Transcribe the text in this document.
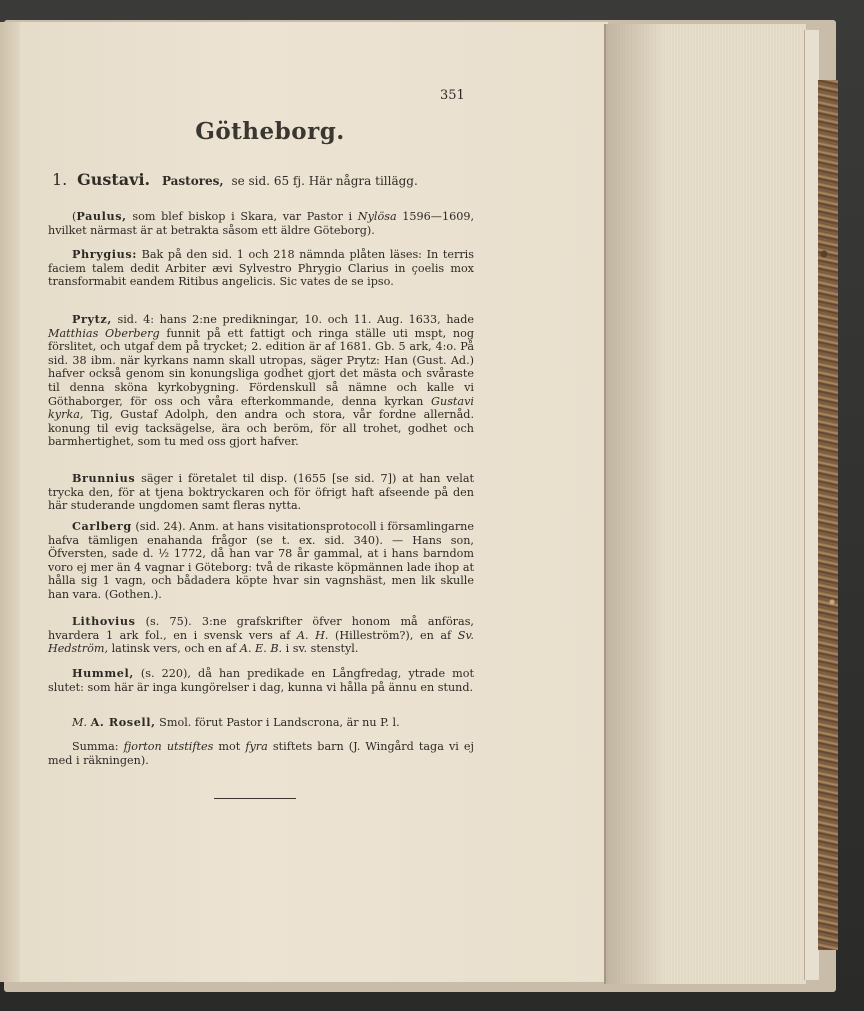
351
Götheborg.
1. Gustavi. Pastores, se sid. 65 fj. Här några tillägg.
(Paulus, som blef biskop i Skara, var Pastor i Nylösa 1596—1609, hvilket närmast är at betrakta såsom ett äldre Göteborg).
Phrygius: Bak på den sid. 1 och 218 nämnda plåten läses: In terris faciem talem dedit Arbiter ævi Sylvestro Phrygio Clarius in çoelis mox transformabit eandem Ritibus angelicis. Sic vates de se ipso.
Prytz, sid. 4: hans 2:ne predikningar, 10. och 11. Aug. 1633, hade Matthias Oberberg funnit på ett fattigt och ringa ställe uti mspt, nog förslitet, och utgaf dem på trycket; 2. edition är af 1681. Gb. 5 ark, 4:o. På sid. 38 ibm. när kyrkans namn skall utropas, säger Prytz: Han (Gust. Ad.) hafver också genom sin konungsliga godhet gjort det mästa och svåraste til denna sköna kyrkobygning. Fördenskull så nämne och kalle vi Göthaborger, för oss och våra efterkommande, denna kyrkan Gustavi kyrka, Tig, Gustaf Adolph, den andra och stora, vår fordne allernåd. konung til evig tacksägelse, ära och beröm, för all trohet, godhet och barmhertighet, som tu med oss gjort hafver.
Brunnius säger i företalet til disp. (1655 [se sid. 7]) at han velat trycka den, för at tjena boktryckaren och för öfrigt haft afseende på den här studerande ungdomen samt fleras nytta.
Carlberg (sid. 24). Anm. at hans visitationsprotocoll i församlingarne hafva tämligen enahanda frågor (se t. ex. sid. 340). — Hans son, Öfversten, sade d. ½ 1772, då han var 78 år gammal, at i hans barndom voro ej mer än 4 vagnar i Göteborg: två de rikaste köpmännen lade ihop at hålla sig 1 vagn, och bådadera köpte hvar sin vagnshäst, men lik skulle han vara. (Gothen.).
Lithovius (s. 75). 3:ne grafskrifter öfver honom må anföras, hvardera 1 ark fol., en i svensk vers af A. H. (Hilleström?), en af Sv. Hedström, latinsk vers, och en af A. E. B. i sv. stenstyl.
Hummel, (s. 220), då han predikade en Långfredag, ytrade mot slutet: som här är inga kungörelser i dag, kunna vi hålla på ännu en stund.
M. A. Rosell, Smol. förut Pastor i Landscrona, är nu P. l.
Summa: fjorton utstiftes mot fyra stiftets barn (J. Wingård taga vi ej med i räkningen).
